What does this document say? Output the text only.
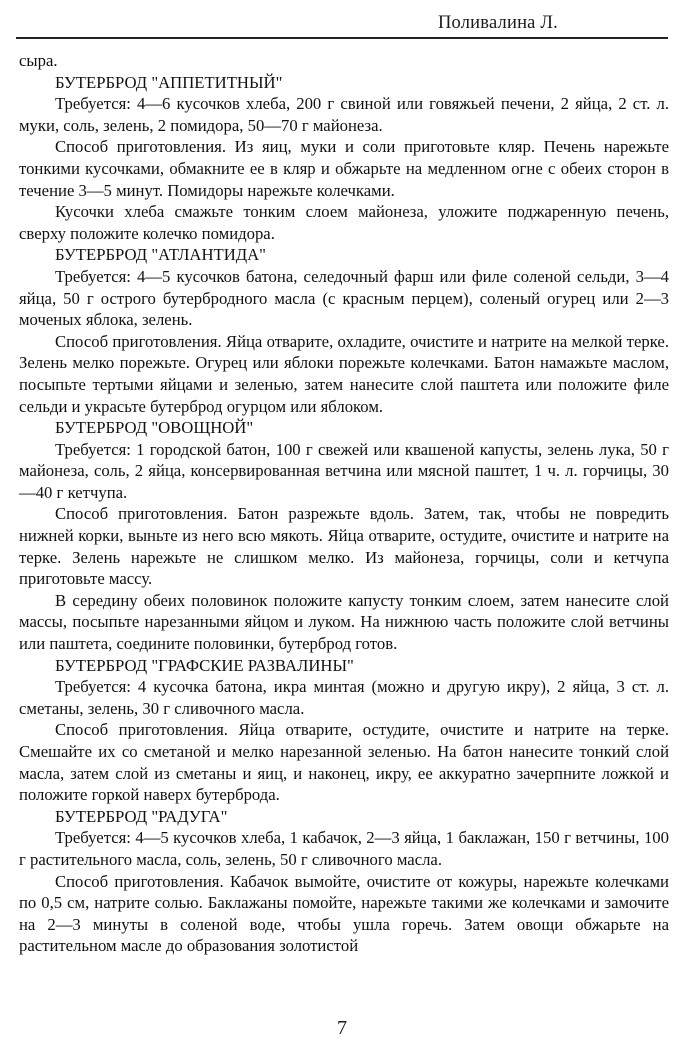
Поливалина Л.

сыра.

БУТЕРБРОД "АППЕТИТНЫЙ"

Требуется: 4—6 кусочков хлеба, 200 г свиной или говяжьей печени, 2 яйца, 2 ст. л. муки, соль, зелень, 2 помидора, 50—70 г майонеза.

Способ приготовления. Из яиц, муки и соли приготовьте кляр. Печень нарежьте тонкими кусочками, обмакните ее в кляр и обжарьте на медленном огне с обеих сторон в течение 3—5 минут. Помидоры нарежьте колечками.

Кусочки хлеба смажьте тонким слоем майонеза, уложите поджаренную печень, сверху положите колечко помидора.

БУТЕРБРОД "АТЛАНТИДА"

Требуется: 4—5 кусочков батона, селедочный фарш или филе соленой сельди, 3—4 яйца, 50 г острого бутербродного масла (с красным перцем), соленый огурец или 2—3 моченых яблока, зелень.

Способ приготовления. Яйца отварите, охладите, очистите и натрите на мелкой терке. Зелень мелко порежьте. Огурец или яблоки порежьте колечками. Батон намажьте маслом, посыпьте тертыми яйцами и зеленью, затем нанесите слой паштета или положите филе сельди и украсьте бутерброд огурцом или яблоком.

БУТЕРБРОД "ОВОЩНОЙ"

Требуется: 1 городской батон, 100 г свежей или квашеной капусты, зелень лука, 50 г майонеза, соль, 2 яйца, консервированная ветчина или мясной паштет, 1 ч. л. горчицы, 30—40 г кетчупа.

Способ приготовления. Батон разрежьте вдоль. Затем, так, чтобы не повредить нижней корки, выньте из него всю мякоть. Яйца отварите, остудите, очистите и натрите на терке. Зелень нарежьте не слишком мелко. Из майонеза, горчицы, соли и кетчупа приготовьте массу.

В середину обеих половинок положите капусту тонким слоем, затем нанесите слой массы, посыпьте нарезанными яйцом и луком. На нижнюю часть положите слой ветчины или паштета, соедините половинки, бутерброд готов.

БУТЕРБРОД "ГРАФСКИЕ РАЗВАЛИНЫ"

Требуется: 4 кусочка батона, икра минтая (можно и другую икру), 2 яйца, 3 ст. л. сметаны, зелень, 30 г сливочного масла.

Способ приготовления. Яйца отварите, остудите, очистите и натрите на терке. Смешайте их со сметаной и мелко нарезанной зеленью. На батон нанесите тонкий слой масла, затем слой из сметаны и яиц, и наконец, икру, ее аккуратно зачерпните ложкой и положите горкой наверх бутерброда.

БУТЕРБРОД "РАДУГА"

Требуется: 4—5 кусочков хлеба, 1 кабачок, 2—3 яйца, 1 баклажан, 150 г ветчины, 100 г растительного масла, соль, зелень, 50 г сливочного масла.

Способ приготовления. Кабачок вымойте, очистите от кожуры, нарежьте колечками по 0,5 см, натрите солью. Баклажаны помойте, нарежьте такими же колечками и замочите на 2—3 минуты в соленой воде, чтобы ушла горечь. Затем овощи обжарьте на растительном масле до образования золотистой

7
